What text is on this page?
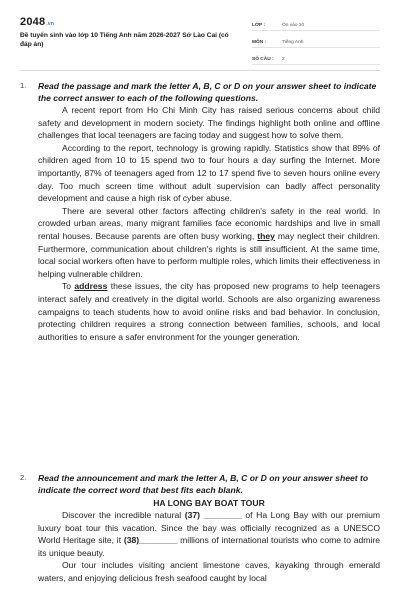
2048.vn
Đề tuyển sinh vào lớp 10 Tiếng Anh năm 2026-2027 Sở Lào Cai (có đáp án)
LỚP :	Ôn vào 10
MÔN :	Tiếng Anh
SỐ CÂU :	2
1. Read the passage and mark the letter A, B, C or D on your answer sheet to indicate the correct answer to each of the following questions.

A recent report from Ho Chi Minh City has raised serious concerns about child safety and development in modern society. The findings highlight both online and offline challenges that local teenagers are facing today and suggest how to solve them.

According to the report, technology is growing rapidly. Statistics show that 89% of children aged from 10 to 15 spend two to four hours a day surfing the Internet. More importantly, 87% of teenagers aged from 12 to 17 spend five to seven hours online every day. Too much screen time without adult supervision can badly affect personality development and cause a high risk of cyber abuse.

There are several other factors affecting children's safety in the real world. In crowded urban areas, many migrant families face economic hardships and live in small rental houses. Because parents are often busy working, they may neglect their children. Furthermore, communication about children's rights is still insufficient. At the same time, local social workers often have to perform multiple roles, which limits their effectiveness in helping vulnerable children.

To address these issues, the city has proposed new programs to help teenagers interact safely and creatively in the digital world. Schools are also organizing awareness campaigns to teach students how to avoid online risks and bad behavior. In conclusion, protecting children requires a strong connection between families, schools, and local authorities to ensure a safer environment for the younger generation.

2. Read the announcement and mark the letter A, B, C or D on your answer sheet to indicate the correct word that best fits each blank.
HA LONG BAY BOAT TOUR

Discover the incredible natural (37) ________ of Ha Long Bay with our premium luxury boat tour this vacation. Since the bay was officially recognized as a UNESCO World Heritage site, it (38)________ millions of international tourists who come to admire its unique beauty.

Our tour includes visiting ancient limestone caves, kayaking through emerald waters, and enjoying delicious fresh seafood caught by local
